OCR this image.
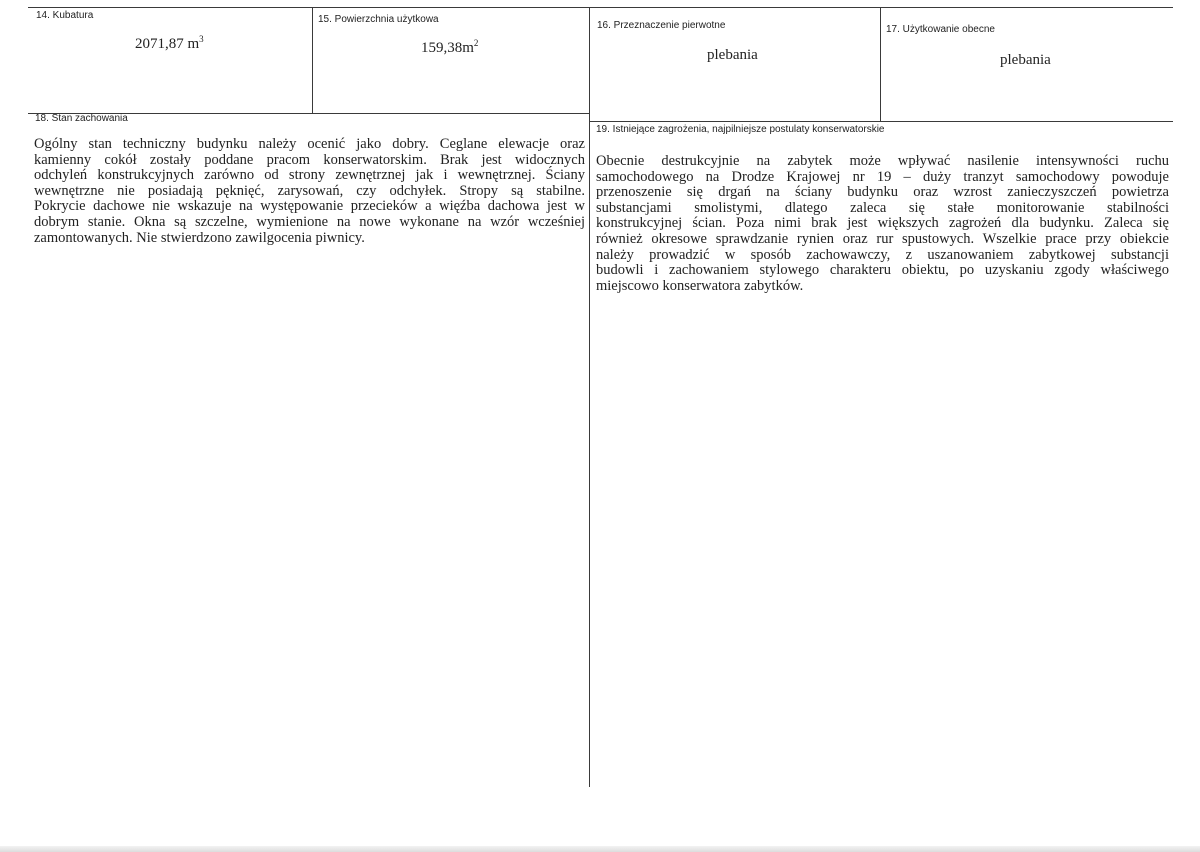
14. Kubatura
2071,87 $m^3$
15. Powierzchnia użytkowa
$159,38m^2$
16. Przeznaczenie pierwotne
plebania
17. Użytkowanie obecne
plebania
18. Stan zachowania
Ogólny stan techniczny budynku należy ocenić jako dobry. Ceglane elewacje oraz
kamienny cokół zostały poddane pracom konserwatorskim. Brak jest widocznych
odchyleń konstrukcyjnych zarówno od strony zewnętrznej jak i wewnętrznej. Ściany
wewnętrzne nie posiadają pęknięć, zarysowań, czy odchyłek. Stropy są stabilne.
Pokrycie dachowe nie wskazuje na występowanie przecieków a więźba dachowa jest w
dobrym stanie. Okna są szczelne, wymienione na nowe wykonane na wzór wcześniej
zamontowanych. Nie stwierdzono zawilgocenia piwnicy.
19. Istniejące zagrożenia, najpilniejsze postulaty konserwatorskie
Obecnie destrukcyjnie na zabytek może wpływać nasilenie intensywności ruchu
samochodowego na Drodze Krajowej nr 19 – duży tranzyt samochodowy powoduje
przenoszenie się drgań na ściany budynku oraz wzrost zanieczyszczeń powietrza
substancjami smolistymi, dlatego zaleca się stałe monitorowanie stabilności
konstrukcyjnej ścian. Poza nimi brak jest większych zagrożeń dla budynku. Zaleca się
również okresowe sprawdzanie rynien oraz rur spustowych. Wszelkie prace przy obiekcie
należy prowadzić w sposób zachowawczy, z uszanowaniem zabytkowej substancji
budowli i zachowaniem stylowego charakteru obiektu, po uzyskaniu zgody właściwego
miejscowo konserwatora zabytków.
